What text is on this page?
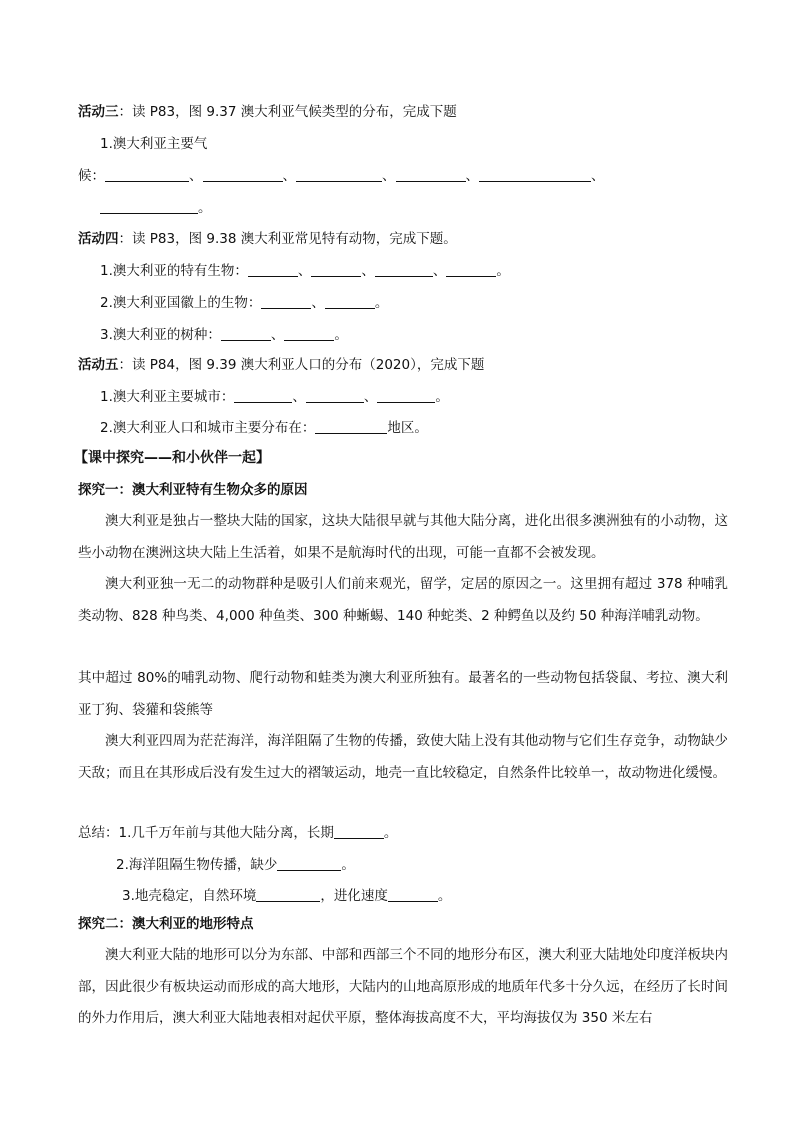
活动三：读 P83，图 9.37 澳大利亚气候类型的分布，完成下题
1.澳大利亚主要气
候：	、	、	、	、	、
。
活动四：读 P83，图 9.38 澳大利亚常见特有动物，完成下题。
1.澳大利亚的特有生物：	、	、	、	。
2.澳大利亚国徽上的生物：	、	。
3.澳大利亚的树种：	、	。
活动五：读 P84，图 9.39 澳大利亚人口的分布（2020），完成下题
1.澳大利亚主要城市：	、	、	。
2.澳大利亚人口和城市主要分布在：	地区。
【课中探究——和小伙伴一起】
探究一：澳大利亚特有生物众多的原因
澳大利亚是独占一整块大陆的国家，这块大陆很早就与其他大陆分离，进化出很多澳洲独有的小动物，这些小动物在澳洲这块大陆上生活着，如果不是航海时代的出现，可能一直都不会被发现。
澳大利亚独一无二的动物群种是吸引人们前来观光，留学，定居的原因之一。这里拥有超过 378 种哺乳类动物、828 种鸟类、4,000 种鱼类、300 种蜥蜴、140 种蛇类、2 种鳄鱼以及约 50 种海洋哺乳动物。
其中超过 80%的哺乳动物、爬行动物和蛙类为澳大利亚所独有。最著名的一些动物包括袋鼠、考拉、澳大利亚丁狗、袋獾和袋熊等
澳大利亚四周为茫茫海洋，海洋阻隔了生物的传播，致使大陆上没有其他动物与它们生存竞争，动物缺少天敌；而且在其形成后没有发生过大的褶皱运动，地壳一直比较稳定，自然条件比较单一，故动物进化缓慢。
总结：1.几千万年前与其他大陆分离，长期	。
2.海洋阻隔生物传播，缺少	。
3.地壳稳定，自然环境	，进化速度	。
探究二：澳大利亚的地形特点
澳大利亚大陆的地形可以分为东部、中部和西部三个不同的地形分布区，澳大利亚大陆地处印度洋板块内部，因此很少有板块运动而形成的高大地形，大陆内的山地高原形成的地质年代多十分久远，在经历了长时间的外力作用后，澳大利亚大陆地表相对起伏平原，整体海拔高度不大，平均海拔仅为 350 米左右
